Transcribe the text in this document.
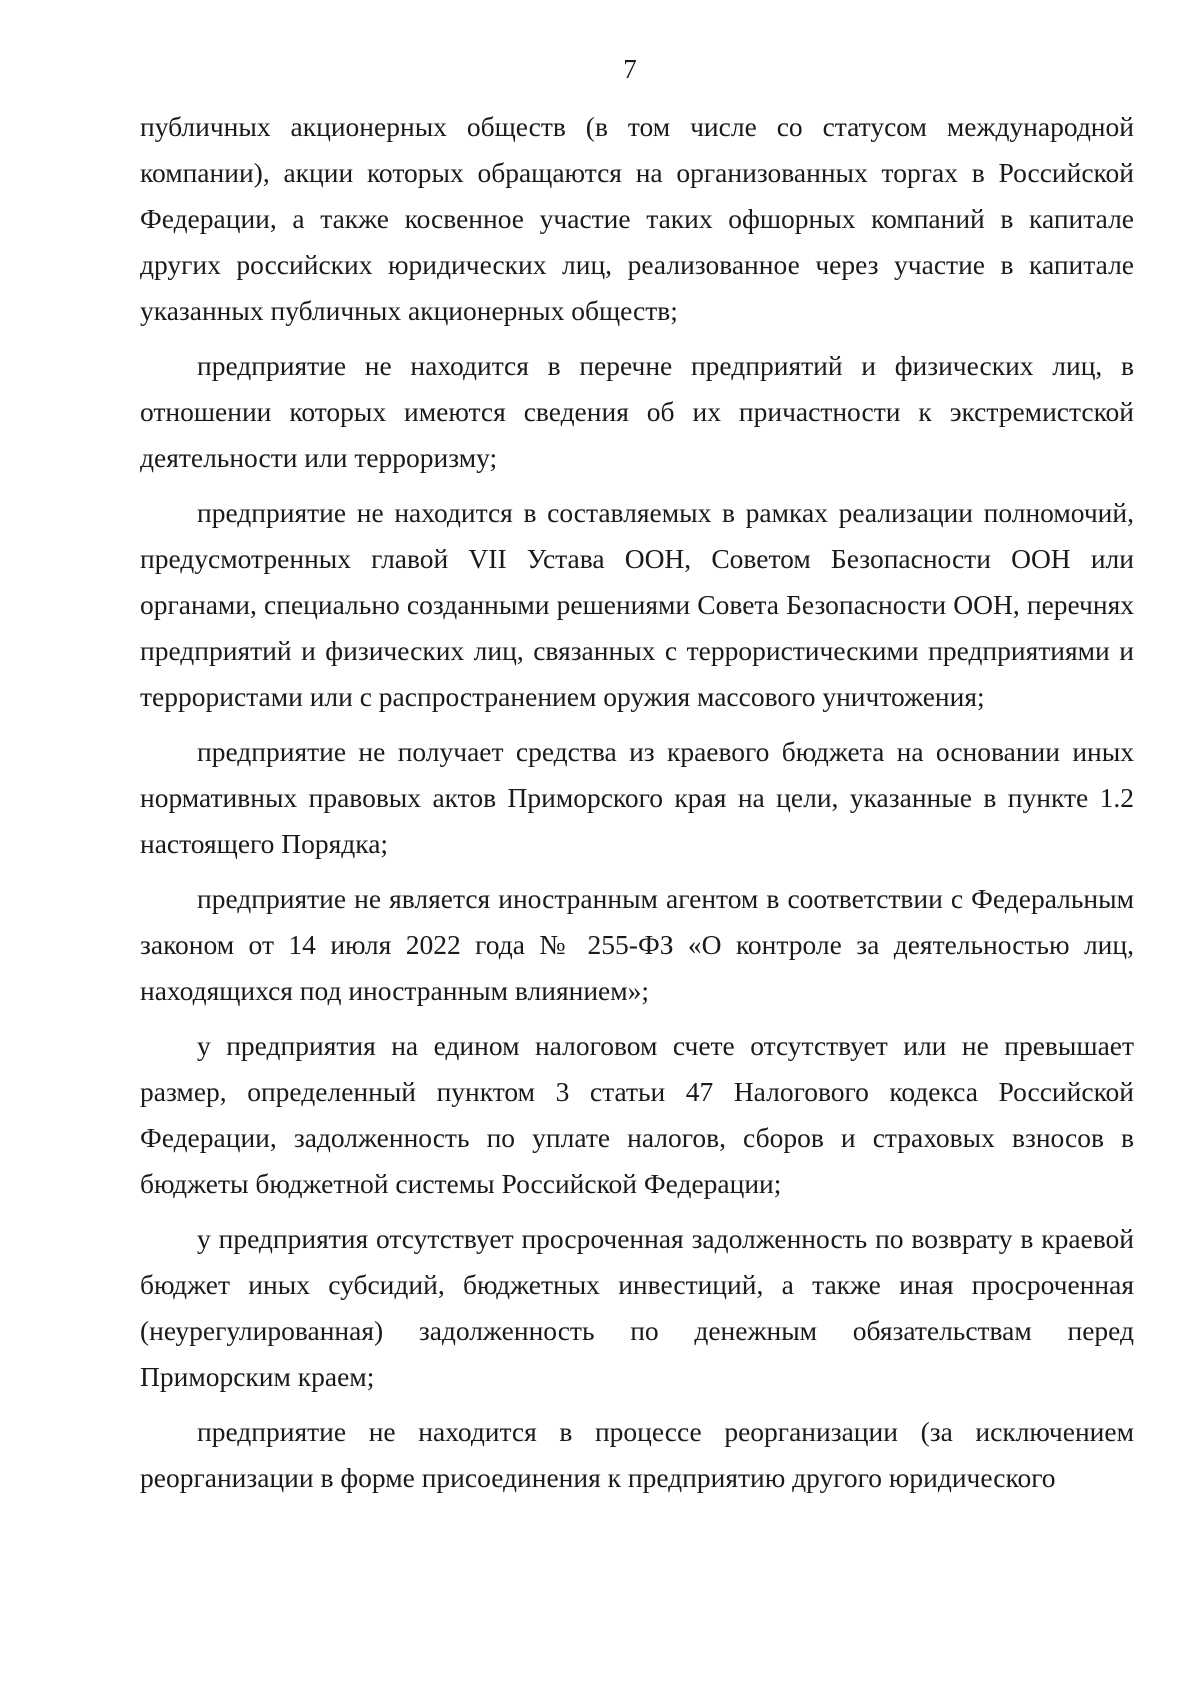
7

публичных акционерных обществ (в том числе со статусом международной компании), акции которых обращаются на организованных торгах в Российской Федерации, а также косвенное участие таких офшорных компаний в капитале других российских юридических лиц, реализованное через участие в капитале указанных публичных акционерных обществ;

предприятие не находится в перечне предприятий и физических лиц, в отношении которых имеются сведения об их причастности к экстремистской деятельности или терроризму;

предприятие не находится в составляемых в рамках реализации полномочий, предусмотренных главой VII Устава ООН, Советом Безопасности ООН или органами, специально созданными решениями Совета Безопасности ООН, перечнях предприятий и физических лиц, связанных с террористическими предприятиями и террористами или с распространением оружия массового уничтожения;

предприятие не получает средства из краевого бюджета на основании иных нормативных правовых актов Приморского края на цели, указанные в пункте 1.2 настоящего Порядка;

предприятие не является иностранным агентом в соответствии с Федеральным законом от 14 июля 2022 года № 255-ФЗ «О контроле за деятельностью лиц, находящихся под иностранным влиянием»;

у предприятия на едином налоговом счете отсутствует или не превышает размер, определенный пунктом 3 статьи 47 Налогового кодекса Российской Федерации, задолженность по уплате налогов, сборов и страховых взносов в бюджеты бюджетной системы Российской Федерации;

у предприятия отсутствует просроченная задолженность по возврату в краевой бюджет иных субсидий, бюджетных инвестиций, а также иная просроченная (неурегулированная) задолженность по денежным обязательствам перед Приморским краем;

предприятие не находится в процессе реорганизации (за исключением реорганизации в форме присоединения к предприятию другого юридического
